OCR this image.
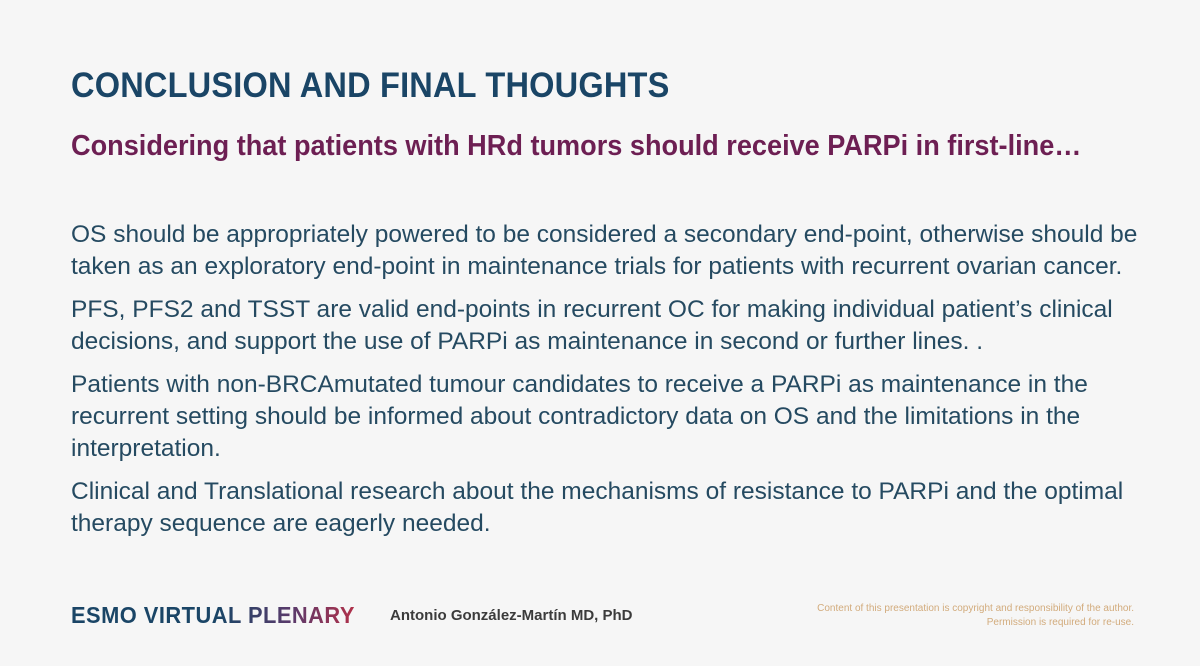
CONCLUSION AND FINAL THOUGHTS
Considering that patients with HRd tumors should receive PARPi in first-line…
OS should be appropriately powered to be considered a secondary end-point, otherwise should be taken as an exploratory end-point in maintenance trials for patients with recurrent ovarian cancer.
PFS, PFS2 and TSST are valid end-points in recurrent OC for making individual patient’s clinical decisions, and support the use of PARPi as maintenance in second or further lines. .
Patients with non-BRCAmutated tumour candidates to receive a PARPi as maintenance in the recurrent setting should be informed about contradictory data on OS and the limitations in the interpretation.
Clinical and Translational research about the mechanisms of resistance to PARPi and the optimal therapy sequence are eagerly needed.
ESMO VIRTUAL PLENARY Antonio González-Martín MD, PhD	Content of this presentation is copyright and responsibility of the author.
Permission is required for re-use.
